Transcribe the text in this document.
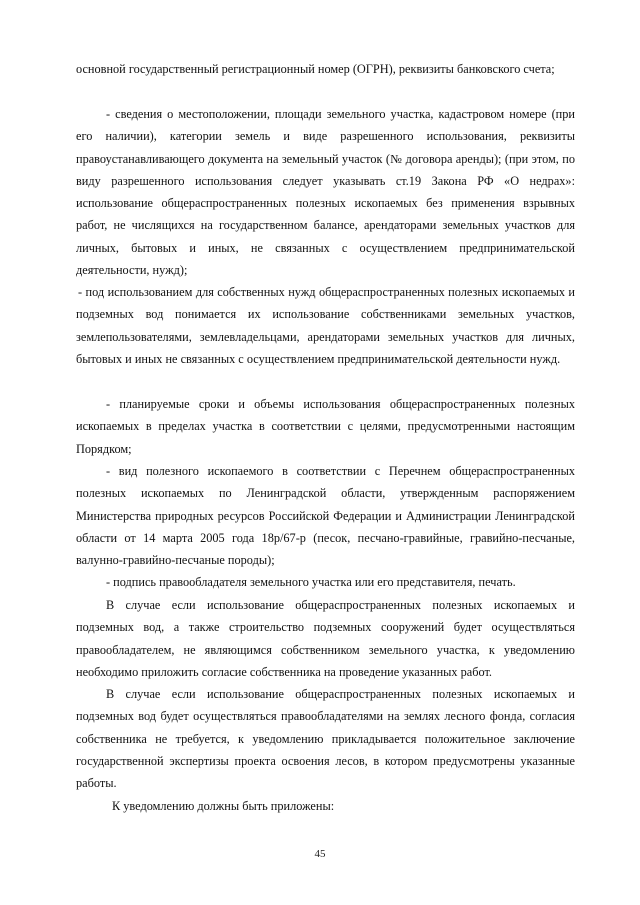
основной государственный регистрационный номер (ОГРН), реквизиты банковского счета;

- сведения о местоположении, площади земельного участка, кадастровом номере (при его наличии), категории земель и виде разрешенного использования, реквизиты правоустанавливающего документа на земельный участок (№ договора аренды); (при этом, по виду разрешенного использования следует указывать ст.19 Закона РФ «О недрах»: использование общераспространенных полезных ископаемых без применения взрывных работ, не числящихся на государственном балансе, арендаторами земельных участков для личных, бытовых и иных, не связанных с осуществлением предпринимательской деятельности, нужд);

- под использованием для собственных нужд общераспространенных полезных ископаемых и подземных вод понимается их использование собственниками земельных участков, землепользователями, землевладельцами, арендаторами земельных участков для личных, бытовых и иных не связанных с осуществлением предпринимательской деятельности нужд.

- планируемые сроки и объемы использования общераспространенных полезных ископаемых в пределах участка в соответствии с целями, предусмотренными настоящим Порядком;

- вид полезного ископаемого в соответствии с Перечнем общераспространенных полезных ископаемых по Ленинградской области, утвержденным распоряжением Министерства природных ресурсов Российской Федерации и Администрации Ленинградской области от 14 марта 2005 года 18р/67-р (песок, песчано-гравийные, гравийно-песчаные, валунно-гравийно-песчаные породы);

- подпись правообладателя земельного участка или его представителя, печать.

В случае если использование общераспространенных полезных ископаемых и подземных вод, а также строительство подземных сооружений будет осуществляться правообладателем, не являющимся собственником земельного участка, к уведомлению необходимо приложить согласие собственника на проведение указанных работ.

В случае если использование общераспространенных полезных ископаемых и подземных вод будет осуществляться правообладателями на землях лесного фонда, согласия собственника не требуется, к уведомлению прикладывается положительное заключение государственной экспертизы проекта освоения лесов, в котором предусмотрены указанные работы.

К уведомлению должны быть приложены:

45
